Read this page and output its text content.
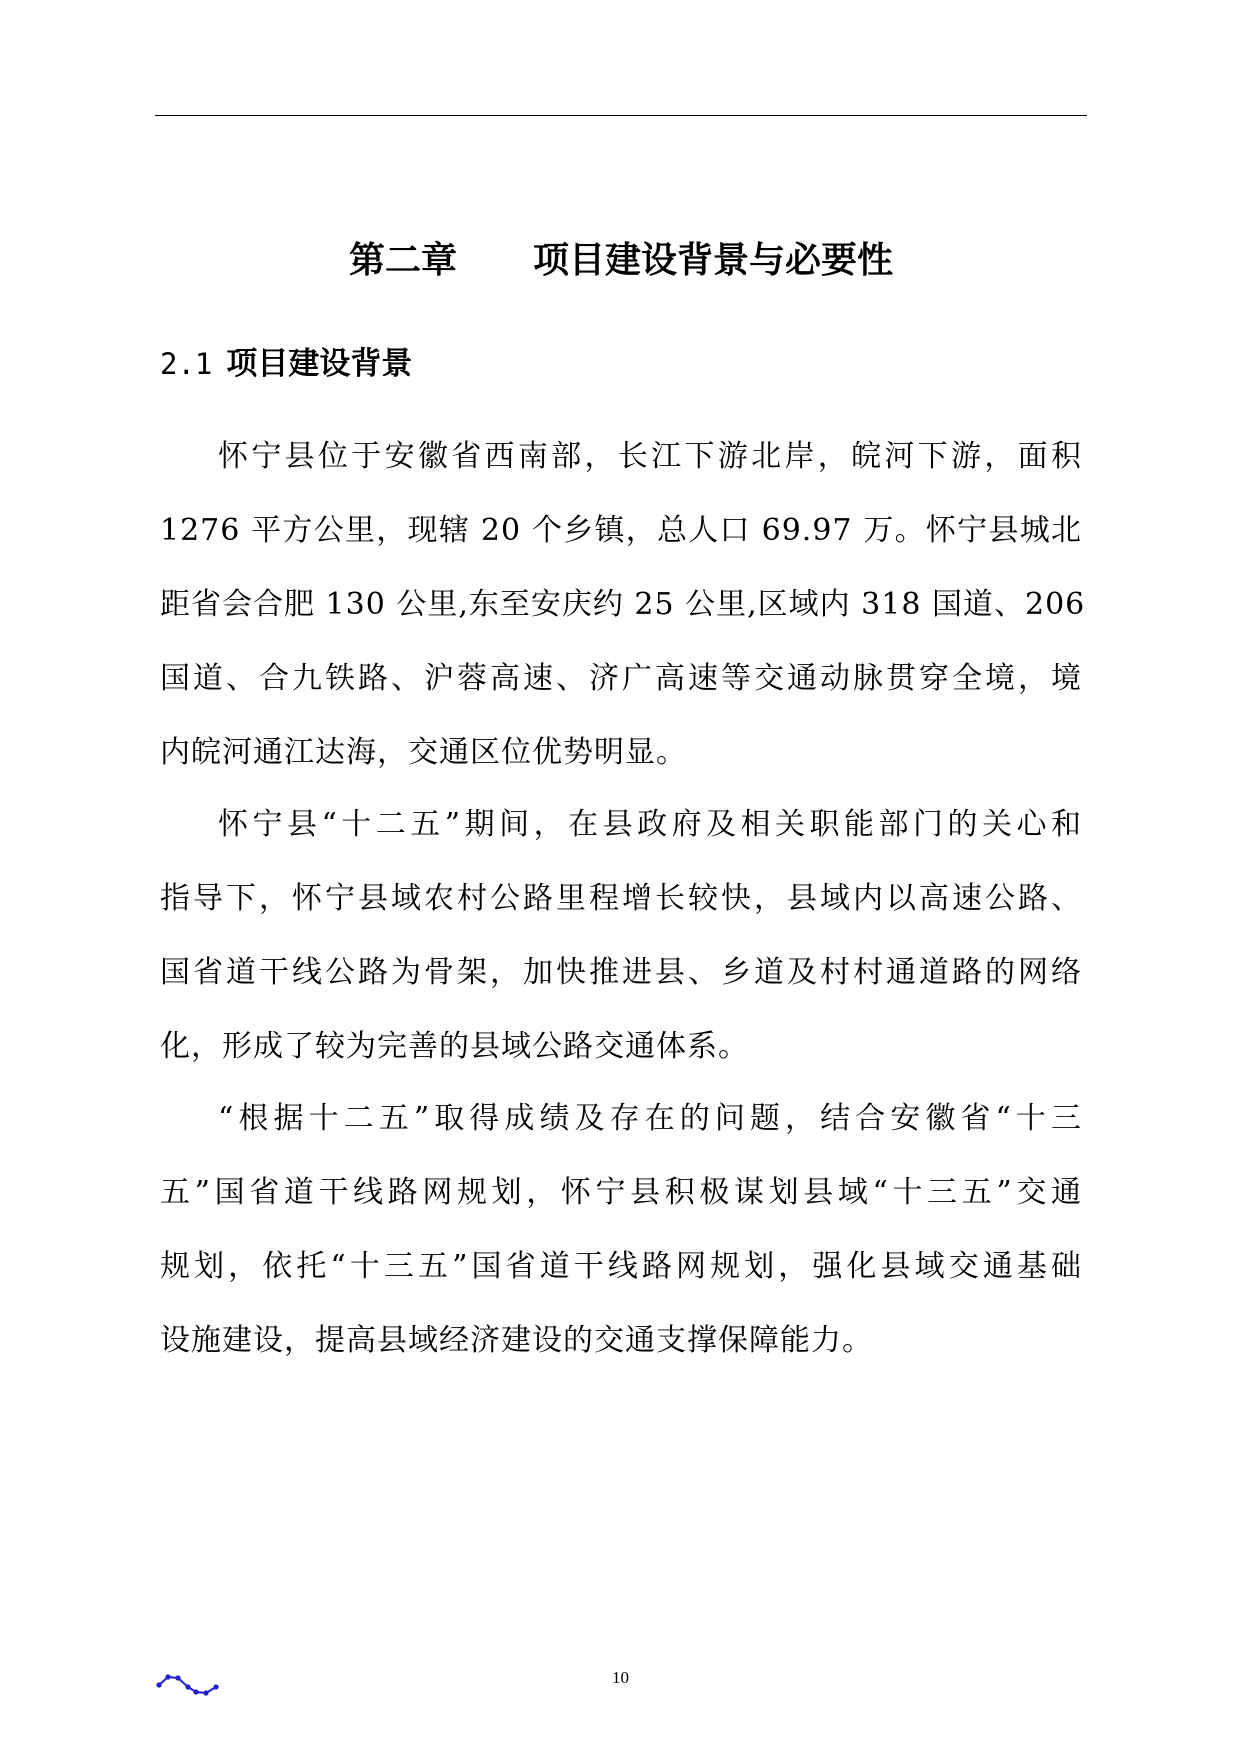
第二章 项目建设背景与必要性
2.1 项目建设背景
怀宁县位于安徽省西南部，长江下游北岸，皖河下游，面积
1276 平方公里，现辖 20 个乡镇，总人口 69.97 万。怀宁县城北
距省会合肥 130 公里,东至安庆约 25 公里,区域内 318 国道、206
国道、合九铁路、沪蓉高速、济广高速等交通动脉贯穿全境，境
内皖河通江达海，交通区位优势明显。
怀宁县“十二五”期间，在县政府及相关职能部门的关心和
指导下，怀宁县域农村公路里程增长较快，县域内以高速公路、
国省道干线公路为骨架，加快推进县、乡道及村村通道路的网络
化，形成了较为完善的县域公路交通体系。
“根据十二五”取得成绩及存在的问题，结合安徽省“十三
五”国省道干线路网规划，怀宁县积极谋划县域“十三五”交通
规划，依托“十三五”国省道干线路网规划，强化县域交通基础
设施建设，提高县域经济建设的交通支撑保障能力。
10
